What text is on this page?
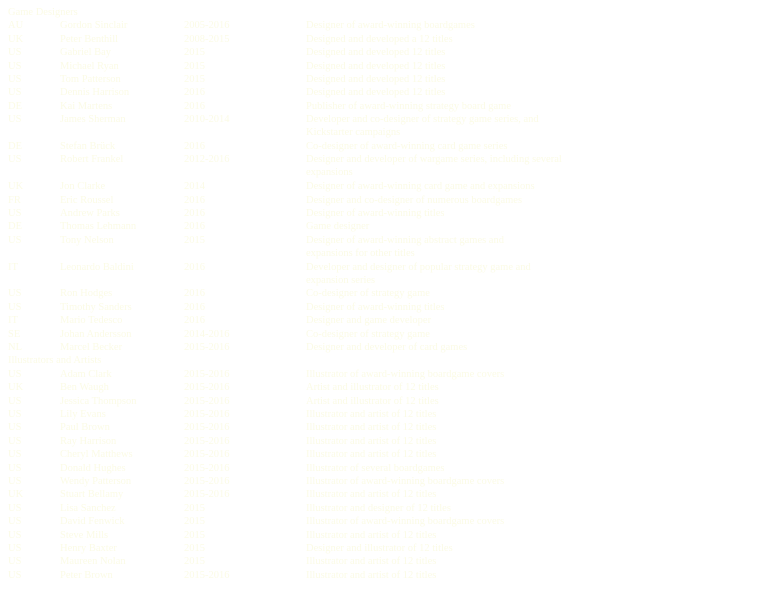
Game Designers
AU	Gordon Sinclair	2005-2016	Designer of award-winning boardgames
UK	Peter Benthill	2008-2015	Designed and developed a 12 titles
US	Gabriel Bay	2015	Designed and developed 12 titles
US	Michael Ryan	2015	Designed and developed 12 titles
US	Tom Patterson	2015	Designed and developed 12 titles
US	Dennis Harrison	2016	Designed and developed 12 titles
DE	Kai Martens	2016	Publisher of award-winning strategy board game
US	James Sherman	2010-2014	Developer and co-designer of strategy game series, and
Kickstarter campaigns
DE	Stefan Brück	2016	Co-designer of award-winning card game series
US	Robert Frankel	2012-2016	Designer and developer of wargame series, including several
expansions
UK	Jon Clarke	2014	Designer of award-winning card game and expansions
FR	Eric Roussel	2016	Designer and co-designer of numerous boardgames
US	Andrew Parks	2016	Designer of award-winning titles
DE	Thomas Lehmann	2016	Game designer
US	Tony Nelson	2015	Designer of award-winning abstract games and
expansions for other titles
IT	Leonardo Baldini	2016	Developer and designer of popular strategy game and
expansion series
US	Ron Hodges	2016	Co-designer of strategy game
US	Timothy Sanders	2016	Designer of award-winning titles
IT	Mario Tedesco	2016	Designer and game developer
SE	Johan Andersson	2014-2016	Co-designer of strategy game
NL	Marcel Becker	2015-2016	Designer and developer of card games
Illustrators and Artists
US	Adam Clark	2015-2016	Illustrator of award-winning boardgame covers
UK	Ben Waugh	2015-2016	Artist and illustrator of 12 titles
US	Jessica Thompson	2015-2016	Artist and illustrator of 12 titles
US	Lily Evans	2015-2016	Illustrator and artist of 12 titles
US	Paul Brown	2015-2016	Illustrator and artist of 12 titles
US	Ray Harrison	2015-2016	Illustrator and artist of 12 titles
US	Cheryl Matthews	2015-2016	Illustrator and artist of 12 titles
US	Donald Hughes	2015-2016	Illustrator of several boardgames
US	Wendy Patterson	2015-2016	Illustrator of award-winning boardgame covers
UK	Stuart Bellamy	2015-2016	Illustrator and artist of 12 titles
US	Lisa Sanchez	2015	Illustrator and designer of 12 titles
US	David Fenwick	2015	Illustrator of award-winning boardgame covers
US	Steve Mills	2015	Illustrator and artist of 12 titles
US	Henry Baxter	2015	Designer and illustrator of 12 titles
US	Maureen Nolan	2015	Illustrator and artist of 12 titles
US	Peter Brown	2015-2016	Illustrator and artist of 12 titles
